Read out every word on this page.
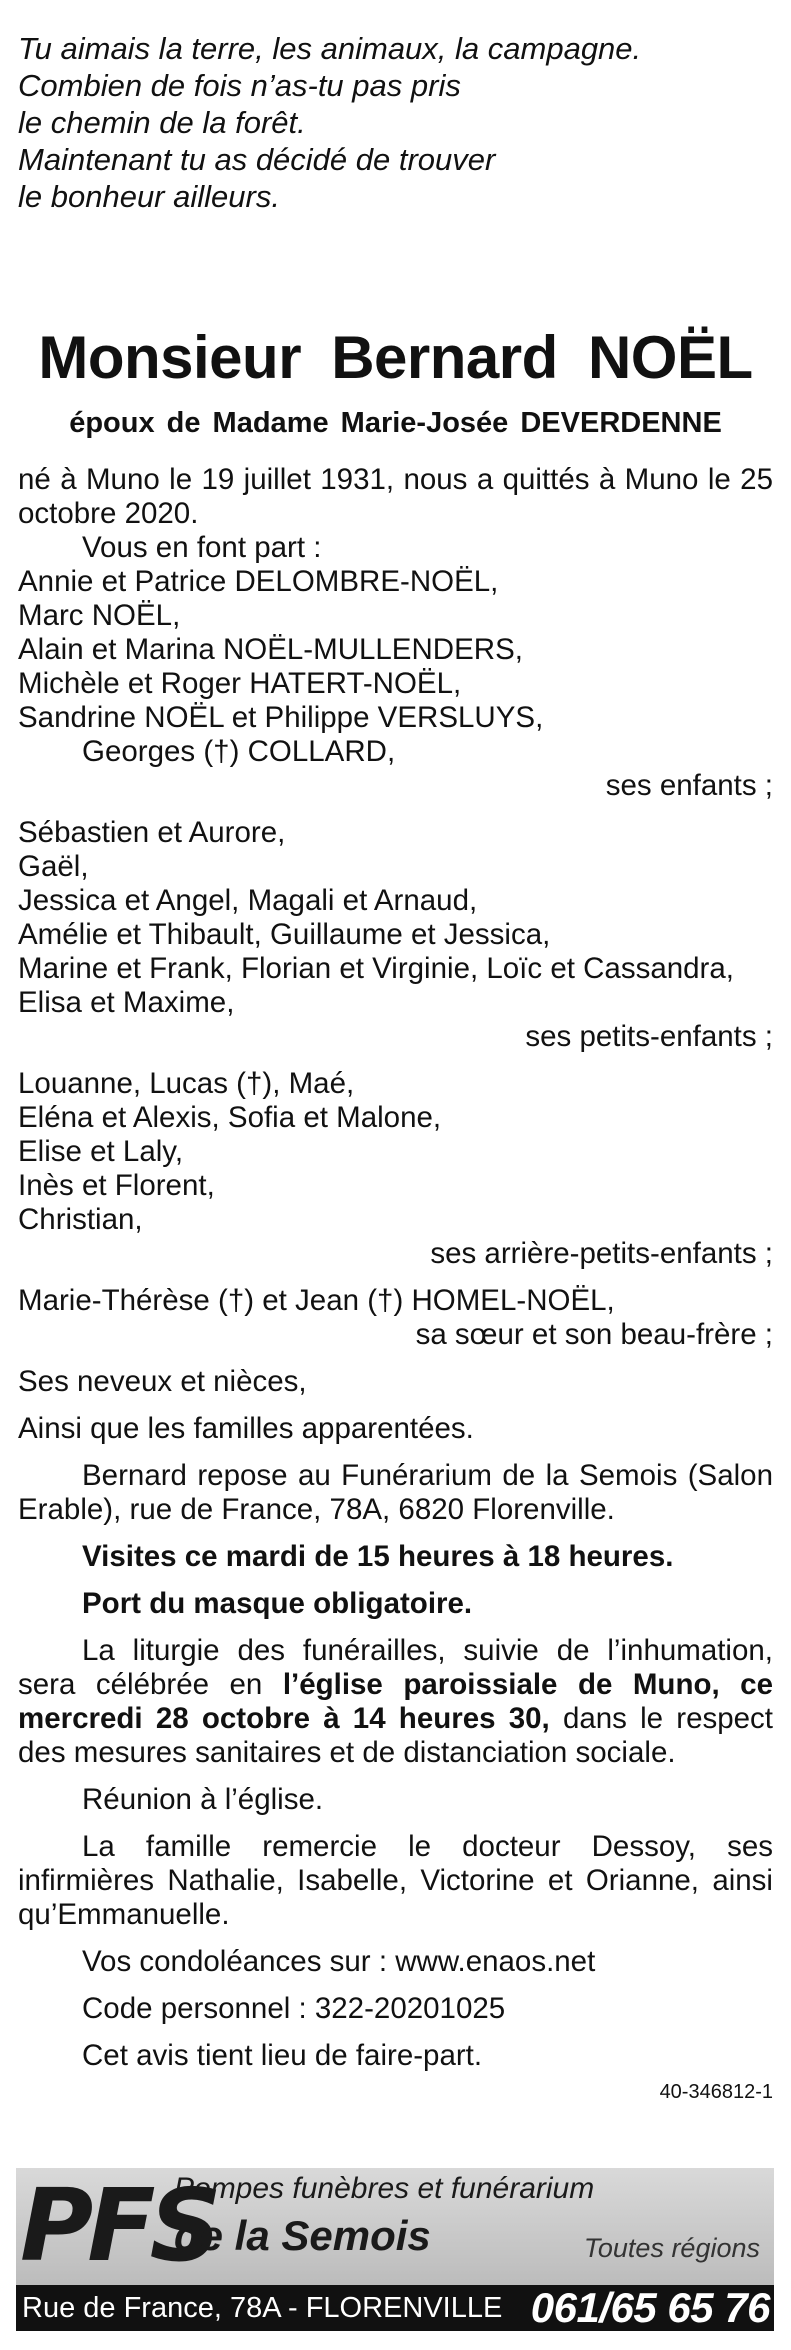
Tu aimais la terre, les animaux, la campagne.
Combien de fois n’as-tu pas pris
le chemin de la forêt.
Maintenant tu as décidé de trouver
le bonheur ailleurs.
Monsieur Bernard NOËL
époux de Madame Marie-Josée DEVERDENNE

né à Muno le 19 juillet 1931, nous a quittés à Muno le 25 octobre 2020.

Vous en font part :

Annie et Patrice DELOMBRE-NOËL,

Marc NOËL,

Alain et Marina NOËL-MULLENDERS,

Michèle et Roger HATERT-NOËL,

Sandrine NOËL et Philippe VERSLUYS,

Georges (†) COLLARD,

ses enfants ;

Sébastien et Aurore,

Gaël,

Jessica et Angel, Magali et Arnaud,

Amélie et Thibault, Guillaume et Jessica,

Marine et Frank, Florian et Virginie, Loïc et Cassandra,

Elisa et Maxime,

ses petits-enfants ;

Louanne, Lucas (†), Maé,

Eléna et Alexis, Sofia et Malone,

Elise et Laly,

Inès et Florent,

Christian,

ses arrière-petits-enfants ;

Marie-Thérèse (†) et Jean (†) HOMEL-NOËL,

sa sœur et son beau-frère ;

Ses neveux et nièces,

Ainsi que les familles apparentées.

Bernard repose au Funérarium de la Semois (Salon Erable), rue de France, 78A, 6820 Florenville.

Visites ce mardi de 15 heures à 18 heures.

Port du masque obligatoire.

La liturgie des funérailles, suivie de l’inhumation, sera célébrée en l’église paroissiale de Muno, ce mercredi 28 octobre à 14 heures 30, dans le respect des mesures sanitaires et de distanciation sociale.

Réunion à l’église.

La famille remercie le docteur Dessoy, ses infirmières Nathalie, Isabelle, Victorine et Orianne, ainsi qu’Emmanuelle.

Vos condoléances sur : www.enaos.net

Code personnel : 322-20201025

Cet avis tient lieu de faire-part.

40-346812-1
PFS
Pompes funèbres et funérarium
de la Semois	Toutes régions
Rue de France, 78A - FLORENVILLE 061/65 65 76
